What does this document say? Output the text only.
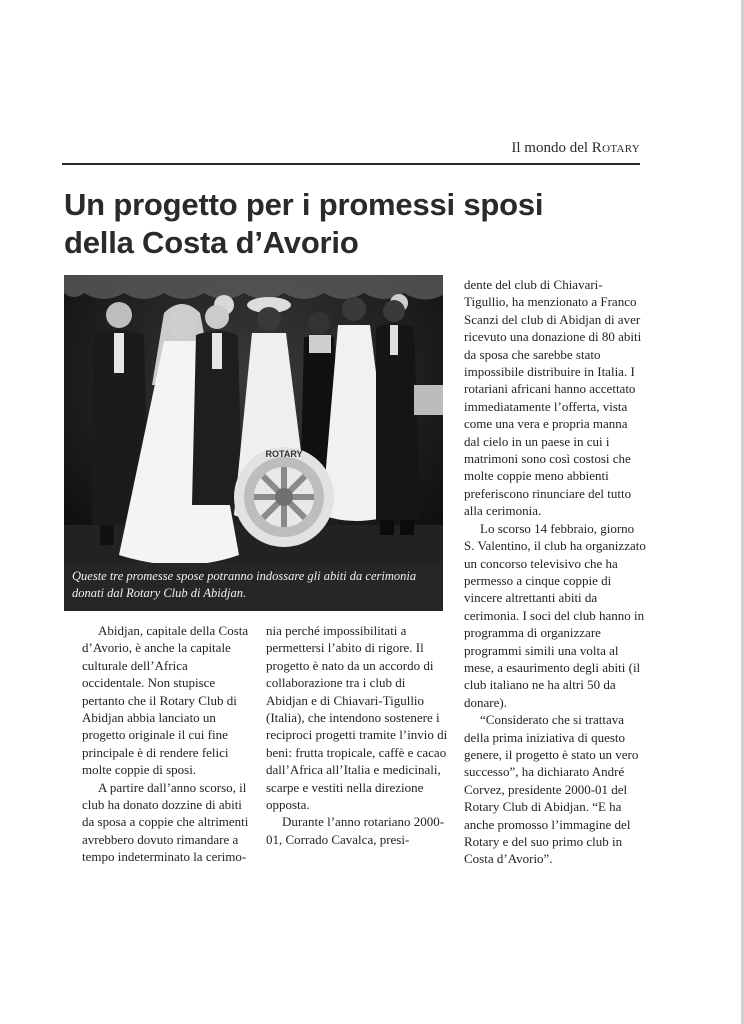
Il mondo del Rotary
Un progetto per i promessi sposi
della Costa d’Avorio
ROTARY
Queste tre promesse spose potranno indossare gli abiti da cerimonia
donati dal Rotary Club di Abidjan.

Abidjan, capitale della Costa d’Avorio, è anche la capitale culturale dell’Africa occidentale. Non stupisce pertanto che il Rotary Club di Abidjan abbia lanciato un progetto originale il cui fine principale è di rendere felici molte coppie di sposi.

A partire dall’anno scorso, il club ha donato dozzine di abiti da sposa a coppie che altrimenti avrebbero dovuto rimandare a tempo indeterminato la cerimo-

nia perché impossibilitati a permettersi l’abito di rigore. Il progetto è nato da un accordo di collaborazione tra i club di Abidjan e di Chiavari-Tigullio (Italia), che intendono sostenere i reciproci progetti tramite l’invio di beni: frutta tropicale, caffè e cacao dall’Africa all’Italia e medicinali, scarpe e vestiti nella direzione opposta.

Durante l’anno rotariano 2000-01, Corrado Cavalca, presi-

dente del club di Chiavari-Tigullio, ha menzionato a Franco Scanzi del club di Abidjan di aver ricevuto una donazione di 80 abiti da sposa che sarebbe stato impossibile distribuire in Italia. I rotariani africani hanno accettato immediatamente l’offerta, vista come una vera e propria manna dal cielo in un paese in cui i matrimoni sono così costosi che molte coppie meno abbienti preferiscono rinunciare del tutto alla cerimonia.

Lo scorso 14 febbraio, giorno S. Valentino, il club ha organizzato un concorso televisivo che ha permesso a cinque coppie di vincere altrettanti abiti da cerimonia. I soci del club hanno in programma di organizzare programmi simili una volta al mese, a esaurimento degli abiti (il club italiano ne ha altri 50 da donare).

“Considerato che si trattava della prima iniziativa di questo genere, il progetto è stato un vero successo”, ha dichiarato André Corvez, presidente 2000-01 del Rotary Club di Abidjan. “E ha anche promosso l’immagine del Rotary e del suo primo club in Costa d’Avorio”.
